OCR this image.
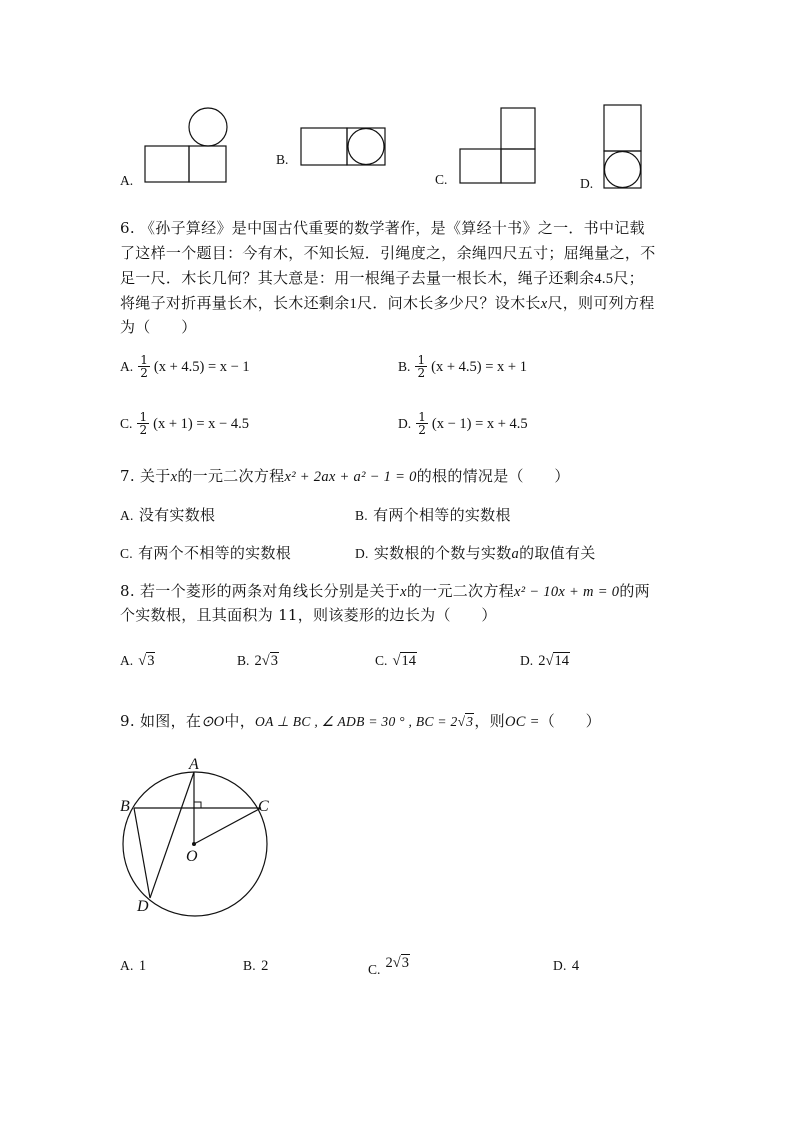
A.
B.
C.	D.
6. 《孙子算经》是中国古代重要的数学著作，是《算经十书》之一．书中记载
了这样一个题目：今有木，不知长短．引绳度之，余绳四尺五寸；屈绳量之，不
足一尺．木长几何？其大意是：用一根绳子去量一根长木，绳子还剩余4.5尺；
将绳子对折再量长木，长木还剩余1尺．问木长多少尺？设木长x尺，则可列方程
为（　　）
A. $\frac{1}{2} (x + 4.5) = x - 1$	B. $\frac{1}{2} (x + 4.5) = x + 1$
C. $\frac{1}{2} (x + 1) = x - 4.5$	D. $\frac{1}{2} (x - 1) = x + 4.5$
7. 关于x的一元二次方程x² + 2ax + a² − 1 = 0的根的情况是（　　）
A. 没有实数根	B. 有两个相等的实数根
C. 有两个不相等的实数根	D. 实数根的个数与实数a的取值有关
8. 若一个菱形的两条对角线长分别是关于x的一元二次方程x² − 10x + m = 0的两
个实数根，且其面积为 11，则该菱形的边长为（　　）
A. √3	B. 2√3	C. √14	D. 2√14
9. 如图，在⊙O中，OA ⊥ BC , ∠ ADB = 30 ° , BC = 2√3，则OC =（　　）
A
B	C
O
D
A. 1	B. 2	$_{C.}$ 2√3	D. 4
